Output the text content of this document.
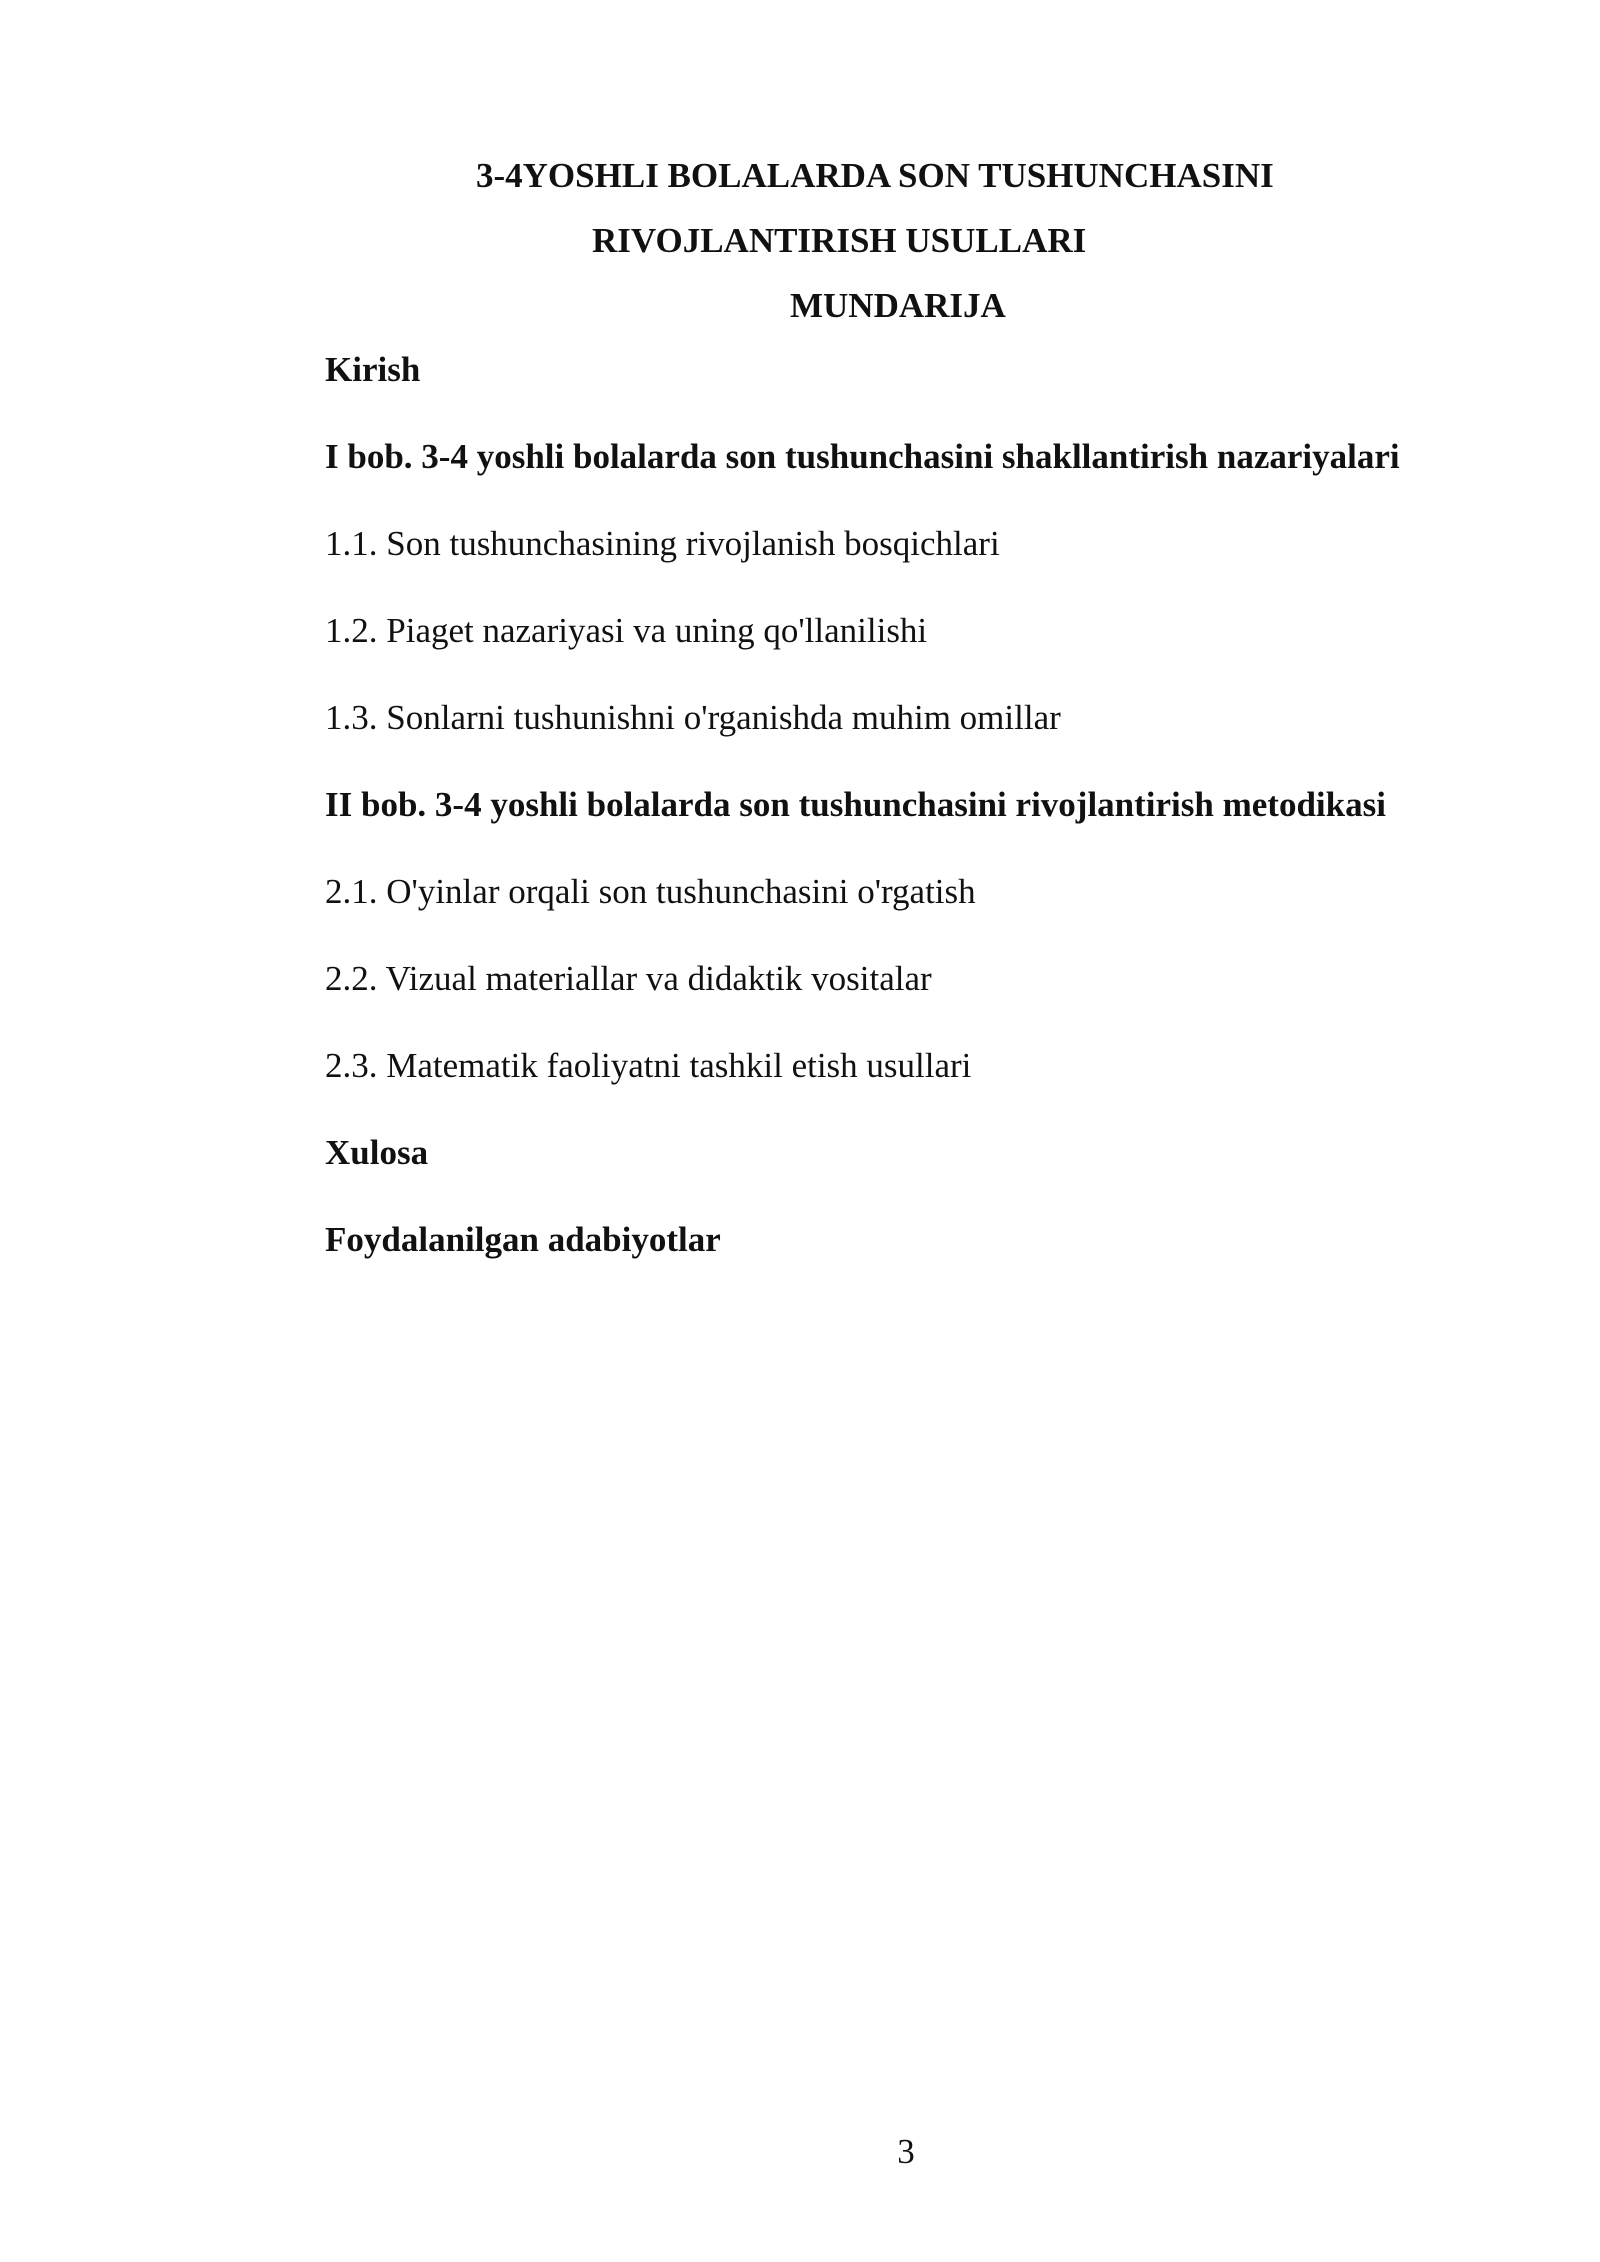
3-4YOSHLI BOLALARDA SON TUSHUNCHASINI
RIVOJLANTIRISH USULLARI
MUNDARIJA
Kirish
I bob. 3-4 yoshli bolalarda son tushunchasini shakllantirish nazariyalari
1.1. Son tushunchasining rivojlanish bosqichlari
1.2. Piaget nazariyasi va uning qo'llanilishi
1.3. Sonlarni tushunishni o'rganishda muhim omillar
II bob. 3-4 yoshli bolalarda son tushunchasini rivojlantirish metodikasi
2.1. O'yinlar orqali son tushunchasini o'rgatish
2.2. Vizual materiallar va didaktik vositalar
2.3. Matematik faoliyatni tashkil etish usullari
Xulosa
Foydalanilgan adabiyotlar
3
